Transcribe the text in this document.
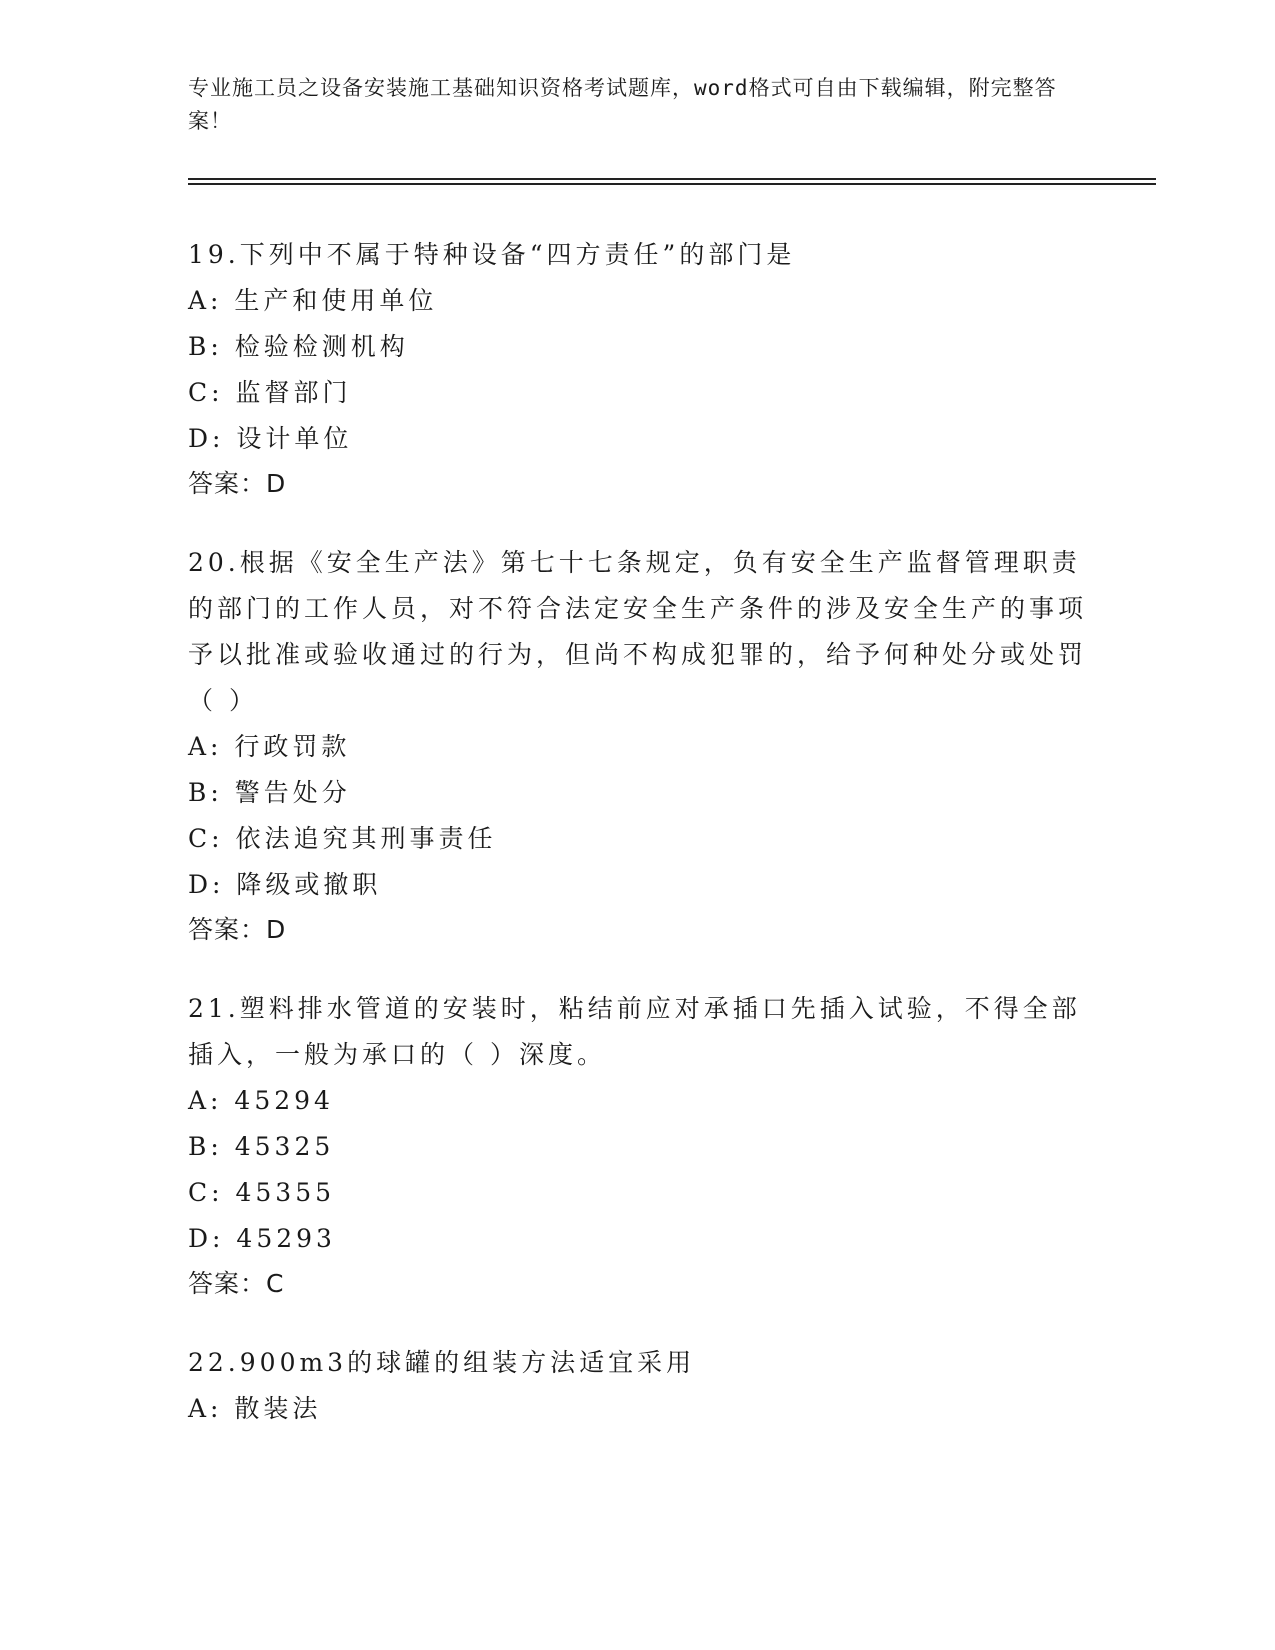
专业施工员之设备安装施工基础知识资格考试题库，word格式可自由下载编辑，附完整答案！

19.下列中不属于特种设备“四方责任”的部门是

A: 生产和使用单位

B: 检验检测机构

C: 监督部门

D: 设计单位

答案：D

20.根据《安全生产法》第七十七条规定，负有安全生产监督管理职责的部门的工作人员，对不符合法定安全生产条件的涉及安全生产的事项予以批准或验收通过的行为，但尚不构成犯罪的，给予何种处分或处罚（ ）

A: 行政罚款

B: 警告处分

C: 依法追究其刑事责任

D: 降级或撤职

答案：D

21.塑料排水管道的安装时，粘结前应对承插口先插入试验，不得全部插入，一般为承口的（ ）深度。

A: 45294

B: 45325

C: 45355

D: 45293

答案：C

22.900m3的球罐的组装方法适宜采用

A: 散装法
